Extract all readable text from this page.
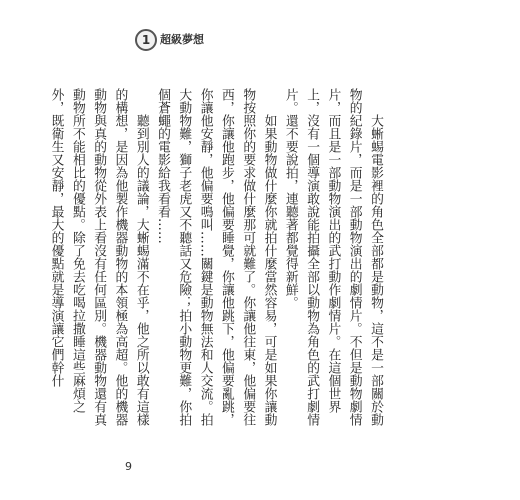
1 超級夢想

　　大蜥蜴電影裡的角色全部都是動物，這不是一部關於動物的紀錄片，而是一部動物演出的劇情片。不但是動物劇情片，而且是一部動物演出的武打動作劇情片。在這個世界上，沒有一個導演敢說能拍攝全部以動物為角色的武打劇情片。還不要說拍，連聽著都覺得新鮮。

　　如果動物做什麼你就拍什麼當然容易，可是如果你讓動物按照你的要求做什麼那可就難了。你讓他往東，他偏要往西，你讓他跑步，他偏要睡覺，你讓他跳下，他偏要亂跳，你讓他安靜，他偏要鳴叫……關鍵是動物無法和人交流。拍大動物難，獅子老虎又不聽話又危險；拍小動物更難，你拍個蒼蠅的電影給我看看……

　　聽到別人的議論，大蜥蜴滿不在乎，他之所以敢有這樣的構想，是因為他製作機器動物的本領極為高超。他的機器動物與真的動物從外表上看沒有任何區別。機器動物還有真動物所不能相比的優點。除了免去吃喝拉撒睡這些麻煩之外，既衛生又安靜，最大的優點就是導演讓它們幹什

9
